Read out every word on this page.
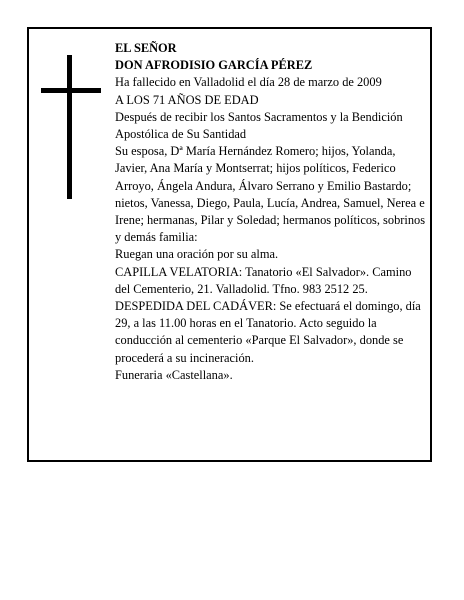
EL SEÑOR

DON AFRODISIO GARCÍA PÉREZ

Ha fallecido en Valladolid el día 28 de marzo de 2009

A LOS 71 AÑOS DE EDAD

Después de recibir los Santos Sacramentos y la Bendición Apostólica de Su Santidad

Su esposa, Dª María Hernández Romero; hijos, Yolanda, Javier, Ana María y Montserrat; hijos políticos, Federico Arroyo, Ángela Andura, Álvaro Serrano y Emilio Bastardo; nietos, Vanessa, Diego, Paula, Lucía, Andrea, Samuel, Nerea e Irene; hermanas, Pilar y Soledad; hermanos políticos, sobrinos y demás familia:

Ruegan una oración por su alma.

CAPILLA VELATORIA: Tanatorio «El Salvador». Camino del Cementerio, 21. Valladolid. Tfno. 983 2512 25.

DESPEDIDA DEL CADÁVER: Se efectuará el domingo, día 29, a las 11.00 horas en el Tanatorio. Acto seguido la conducción al cementerio «Parque El Salvador», donde se procederá a su incineración.

Funeraria «Castellana».
